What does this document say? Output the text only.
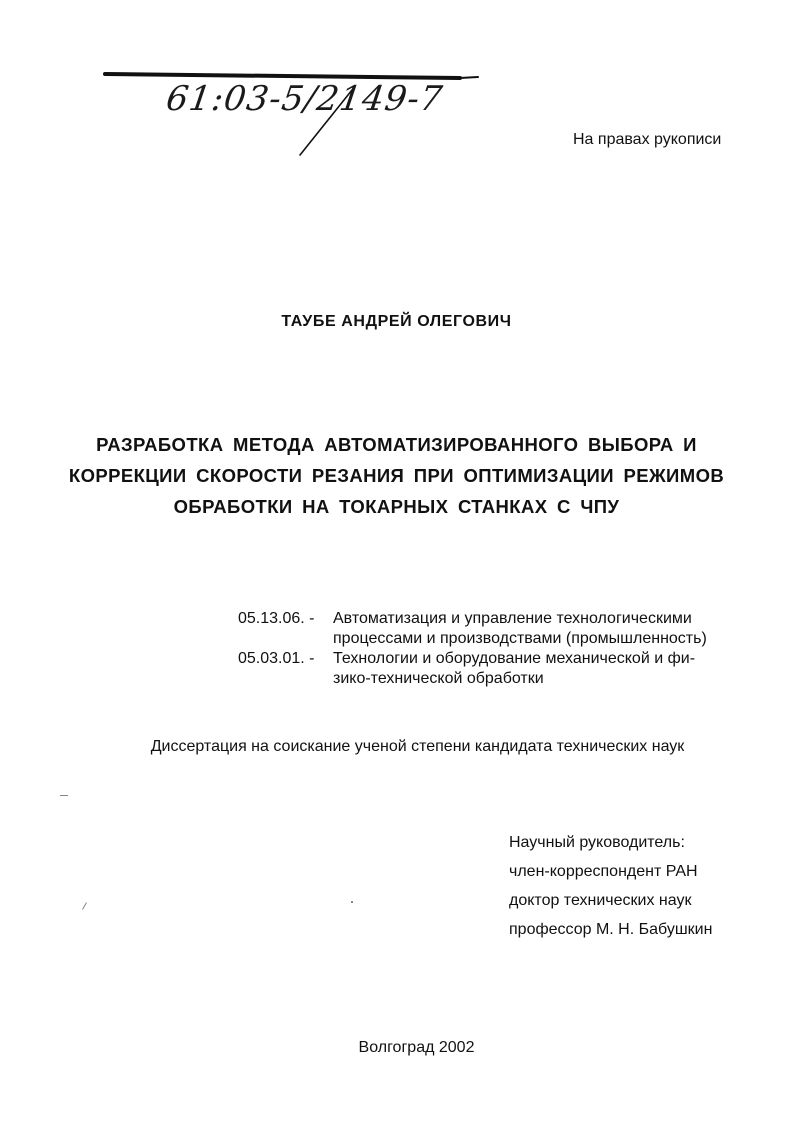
61:03-5/2149-7
На правах рукописи
ТАУБЕ АНДРЕЙ ОЛЕГОВИЧ
РАЗРАБОТКА МЕТОДА АВТОМАТИЗИРОВАННОГО ВЫБОРА И
КОРРЕКЦИИ СКОРОСТИ РЕЗАНИЯ ПРИ ОПТИМИЗАЦИИ РЕЖИМОВ
ОБРАБОТКИ НА ТОКАРНЫХ СТАНКАХ С ЧПУ
05.13.06. - Автоматизация и управление технологическими
процессами и производствами (промышленность)
05.03.01. - Технологии и оборудование механической и фи-
зико-технической обработки
Диссертация на соискание ученой степени кандидата технических наук
Научный руководитель:
член-корреспондент РАН
доктор технических наук
профессор М. Н. Бабушкин
Волгоград 2002
